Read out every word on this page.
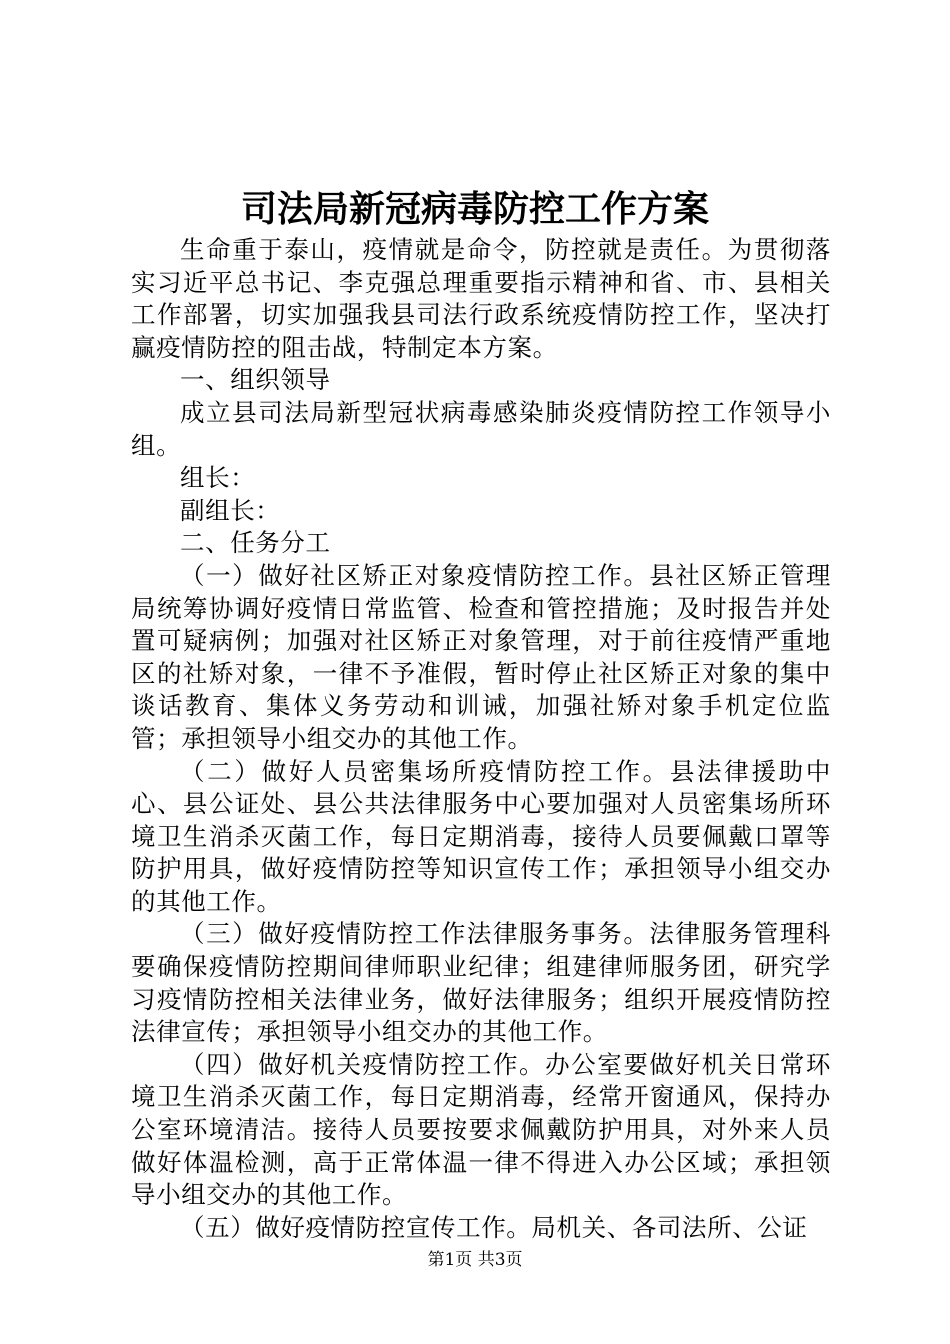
司法局新冠病毒防控工作方案

生命重于泰山，疫情就是命令，防控就是责任。为贯彻落实习近平总书记、李克强总理重要指示精神和省、市、县相关工作部署，切实加强我县司法行政系统疫情防控工作，坚决打赢疫情防控的阻击战，特制定本方案。

一、组织领导

成立县司法局新型冠状病毒感染肺炎疫情防控工作领导小组。

组长：

副组长：

二、任务分工

（一）做好社区矫正对象疫情防控工作。县社区矫正管理局统筹协调好疫情日常监管、检查和管控措施；及时报告并处置可疑病例；加强对社区矫正对象管理，对于前往疫情严重地区的社矫对象，一律不予准假，暂时停止社区矫正对象的集中谈话教育、集体义务劳动和训诫，加强社矫对象手机定位监管；承担领导小组交办的其他工作。

（二）做好人员密集场所疫情防控工作。县法律援助中心、县公证处、县公共法律服务中心要加强对人员密集场所环境卫生消杀灭菌工作，每日定期消毒，接待人员要佩戴口罩等防护用具，做好疫情防控等知识宣传工作；承担领导小组交办的其他工作。

（三）做好疫情防控工作法律服务事务。法律服务管理科要确保疫情防控期间律师职业纪律；组建律师服务团，研究学习疫情防控相关法律业务，做好法律服务；组织开展疫情防控法律宣传；承担领导小组交办的其他工作。

（四）做好机关疫情防控工作。办公室要做好机关日常环境卫生消杀灭菌工作，每日定期消毒，经常开窗通风，保持办公室环境清洁。接待人员要按要求佩戴防护用具，对外来人员做好体温检测，高于正常体温一律不得进入办公区域；承担领导小组交办的其他工作。

（五）做好疫情防控宣传工作。局机关、各司法所、公证

第1页 共3页
